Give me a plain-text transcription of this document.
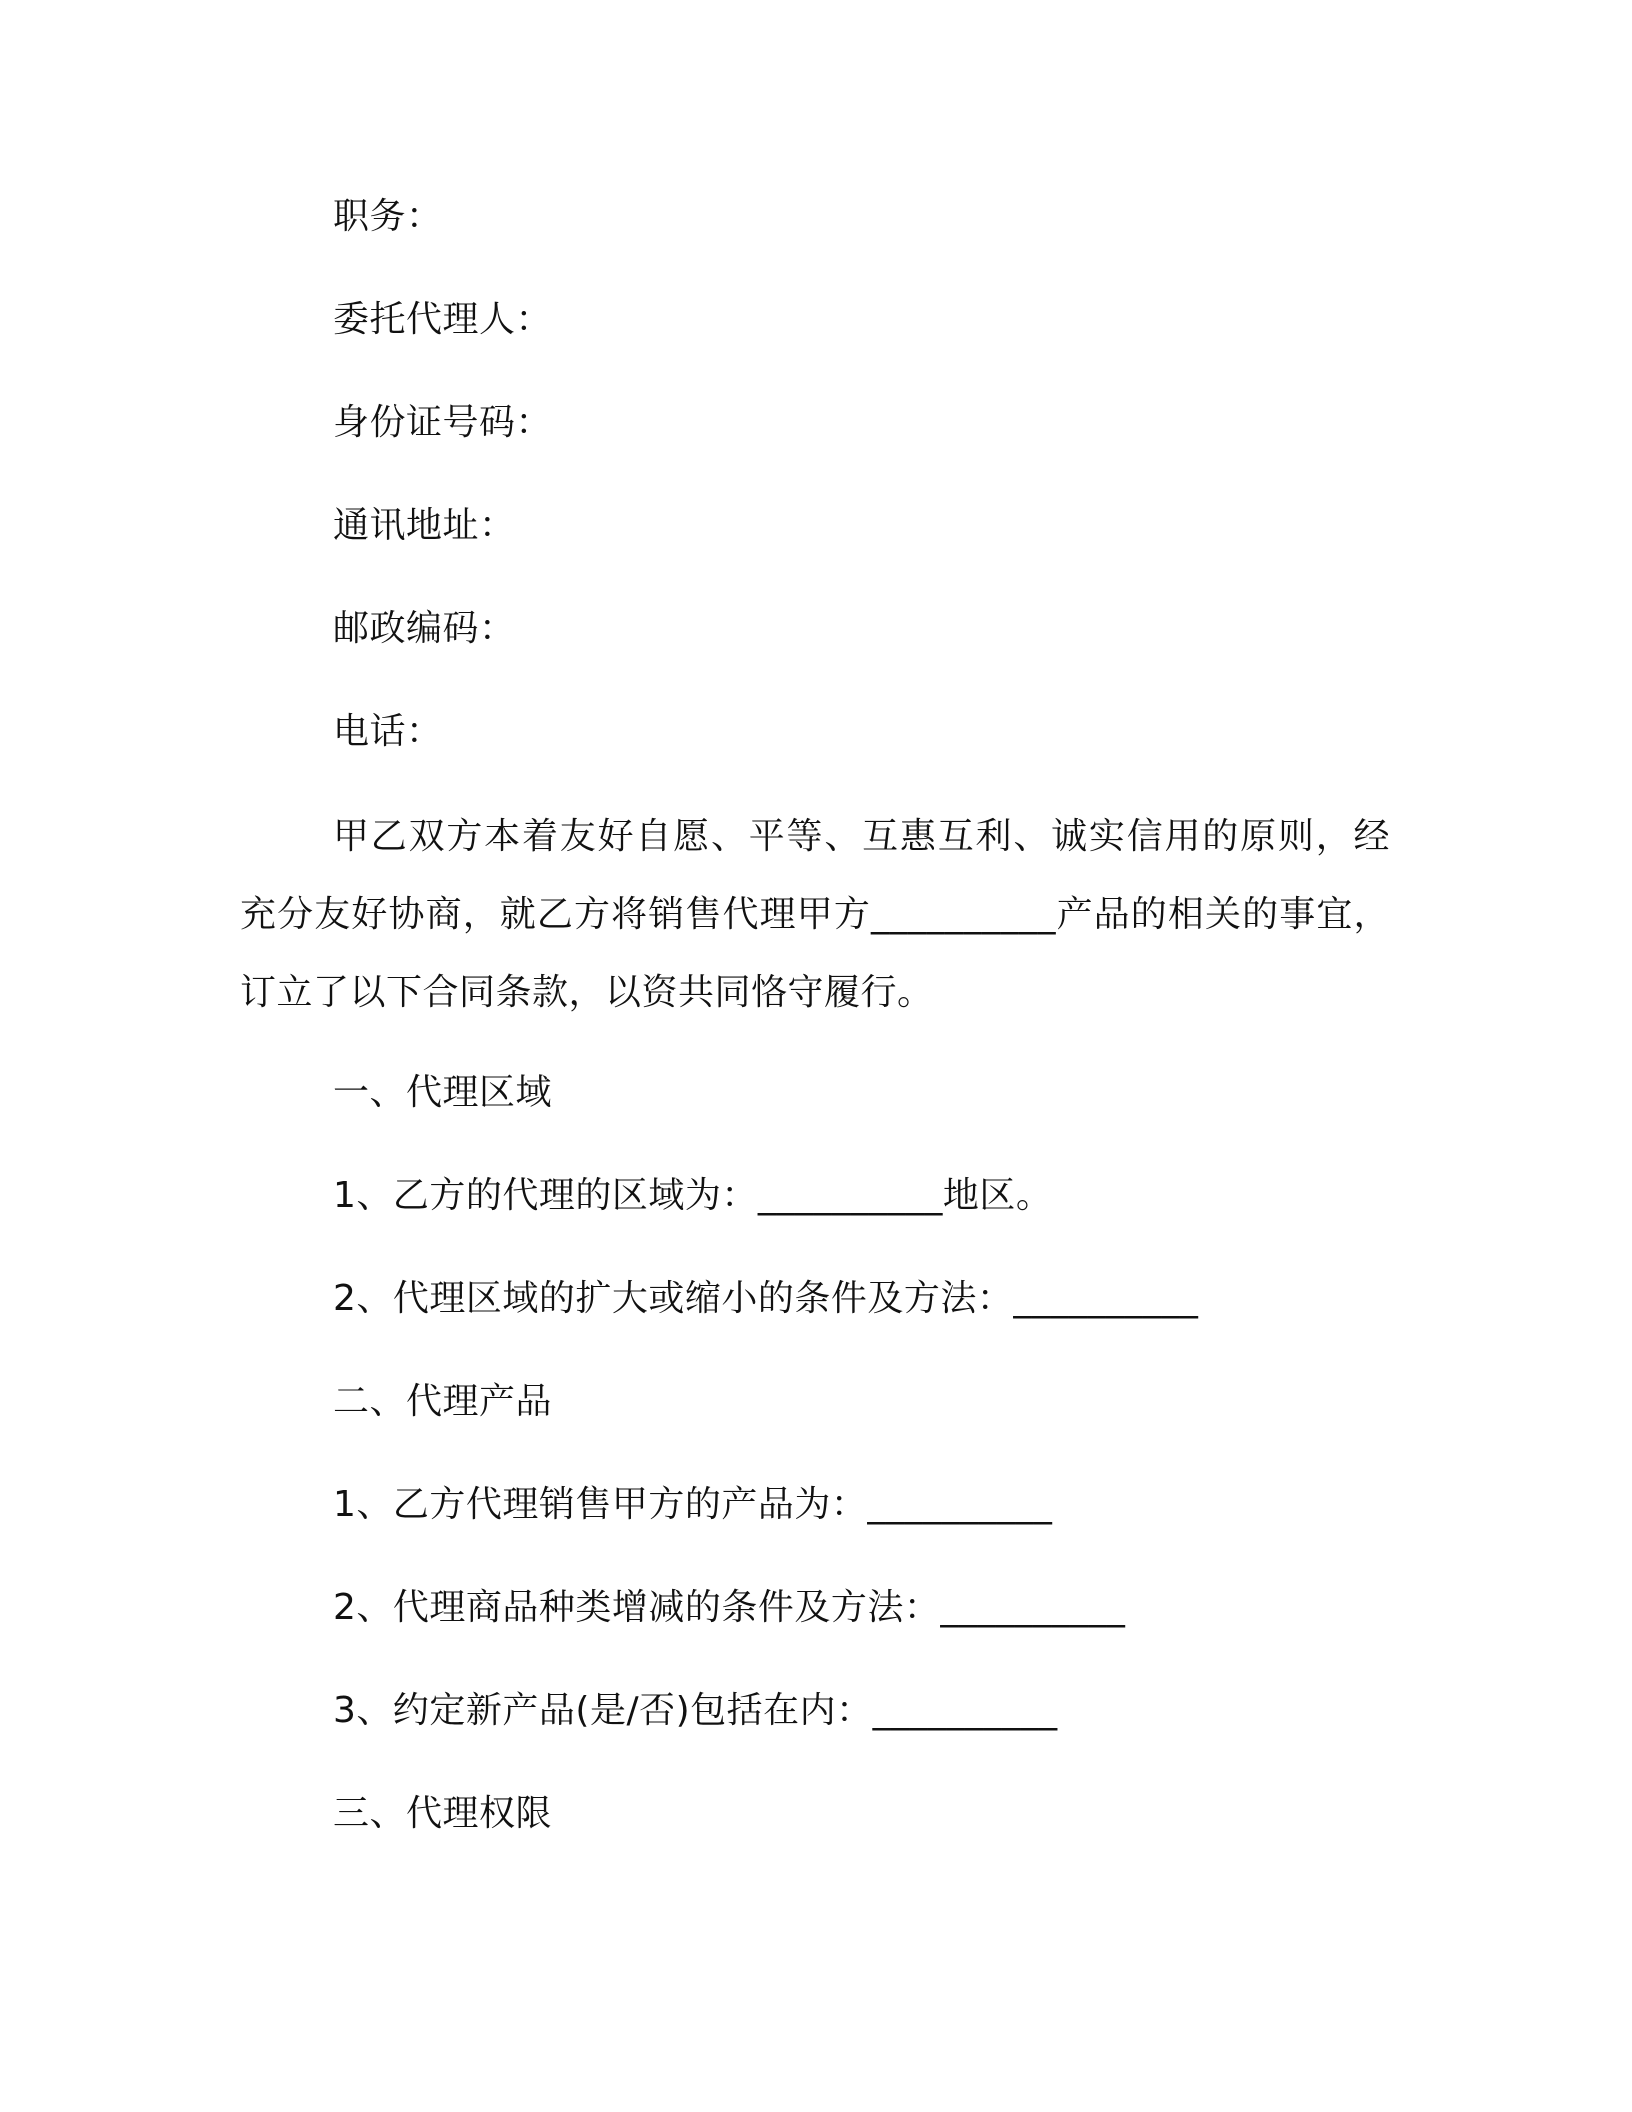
职务：
委托代理人：
身份证号码：
通讯地址：
邮政编码：
电话：

甲乙双方本着友好自愿、平等、互惠互利、诚实信用的原则，经充分友好协商，就乙方将销售代理甲方__________产品的相关的事宜，订立了以下合同条款，以资共同恪守履行。

一、代理区域
1、乙方的代理的区域为：__________地区。
2、代理区域的扩大或缩小的条件及方法：__________
二、代理产品
1、乙方代理销售甲方的产品为：__________
2、代理商品种类增减的条件及方法：__________
3、约定新产品(是/否)包括在内：__________
三、代理权限
